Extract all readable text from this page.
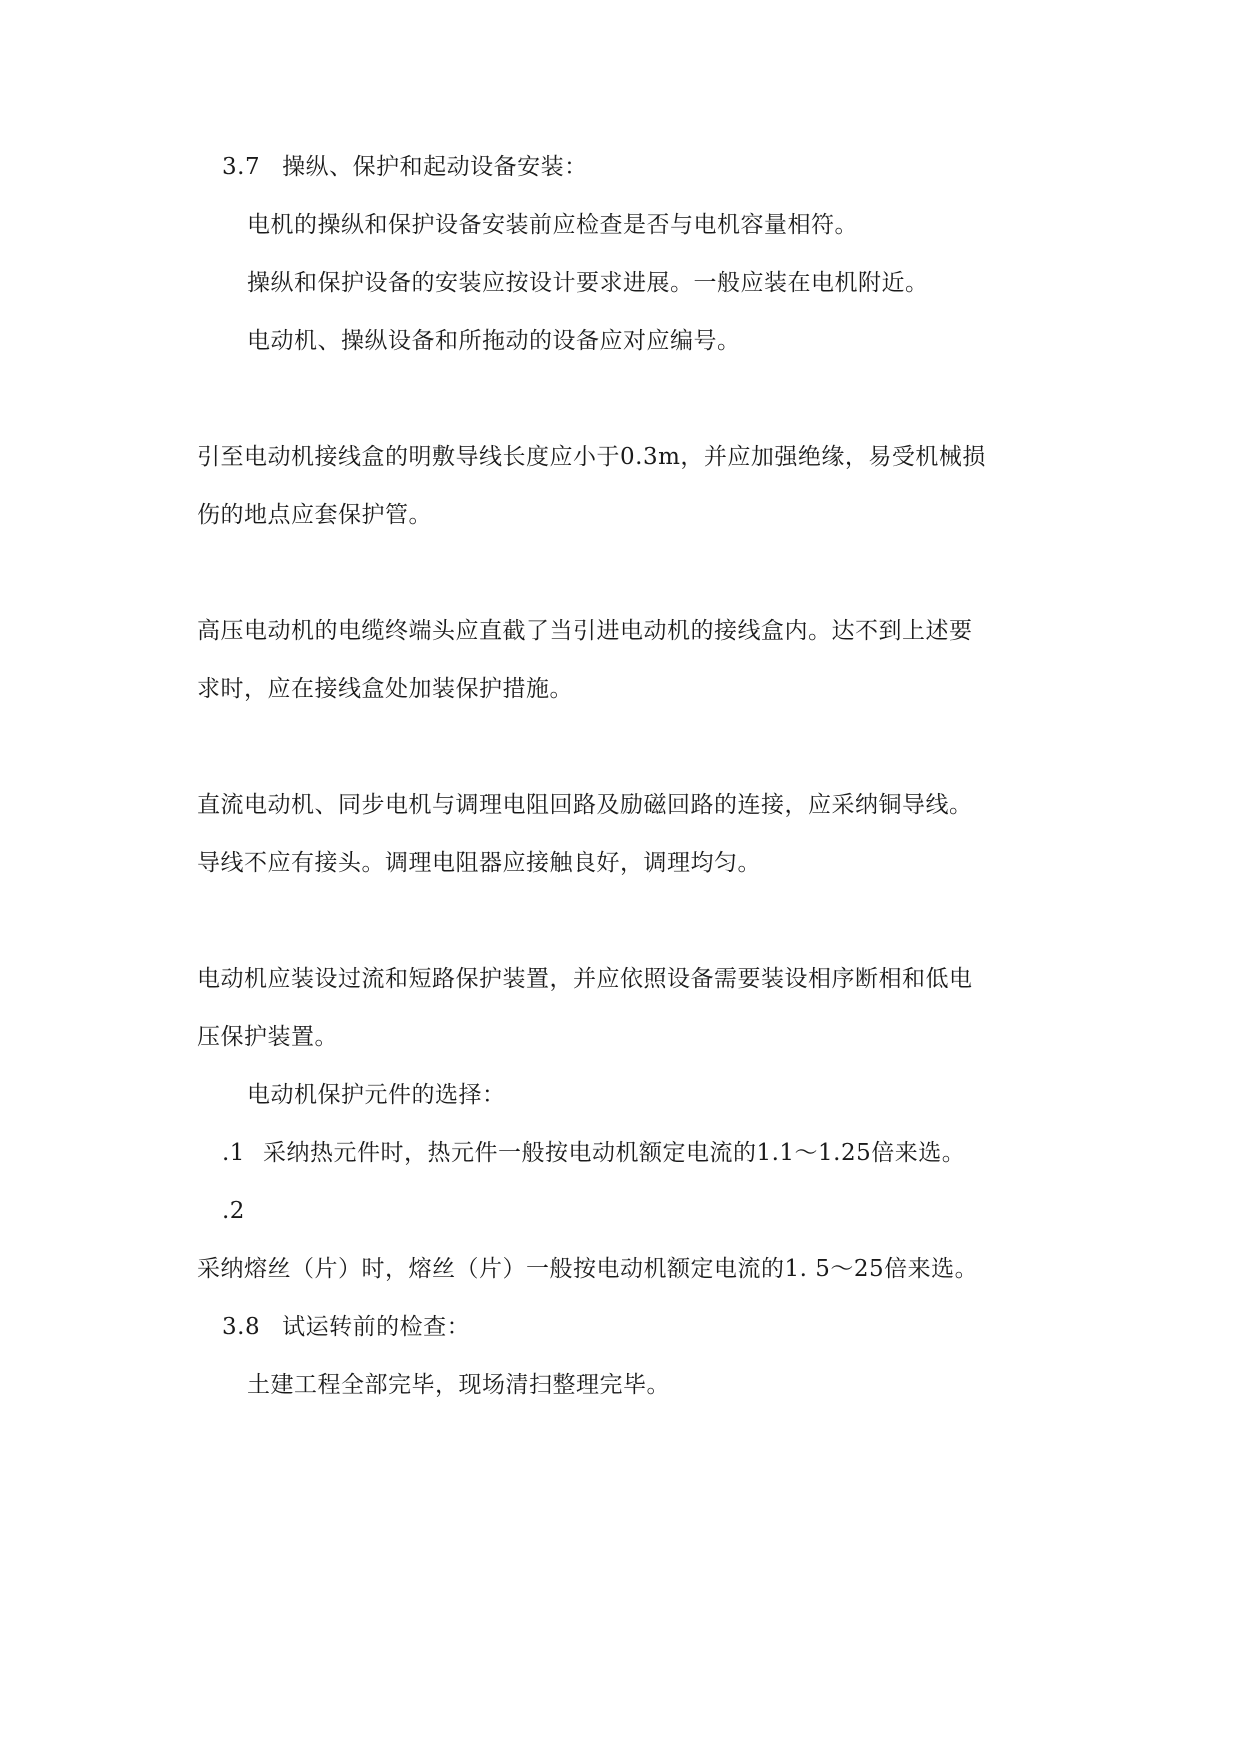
3.7 操纵、保护和起动设备安装：
电机的操纵和保护设备安装前应检查是否与电机容量相符。
操纵和保护设备的安装应按设计要求进展。一般应装在电机附近。
电动机、操纵设备和所拖动的设备应对应编号。
引至电动机接线盒的明敷导线长度应小于0.3m，并应加强绝缘，易受机械损
伤的地点应套保护管。
高压电动机的电缆终端头应直截了当引进电动机的接线盒内。达不到上述要
求时，应在接线盒处加装保护措施。
直流电动机、同步电机与调理电阻回路及励磁回路的连接，应采纳铜导线。
导线不应有接头。调理电阻器应接触良好，调理均匀。
电动机应装设过流和短路保护装置，并应依照设备需要装设相序断相和低电
压保护装置。
电动机保护元件的选择：
.1 采纳热元件时，热元件一般按电动机额定电流的1.1～1.25倍来选。
.2
采纳熔丝（片）时，熔丝（片）一般按电动机额定电流的1. 5～25倍来选。
3.8 试运转前的检查：
土建工程全部完毕，现场清扫整理完毕。
